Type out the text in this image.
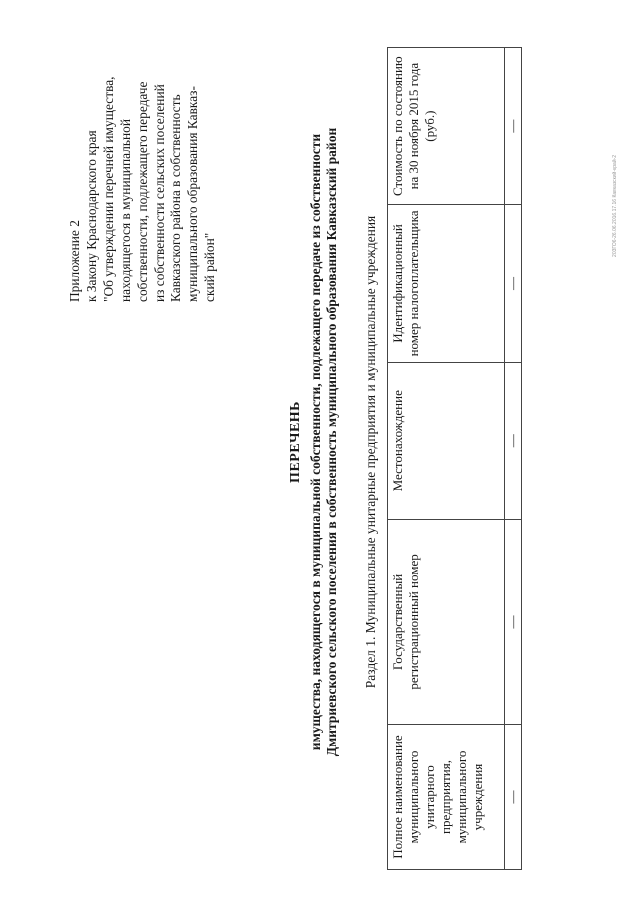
Приложение 2 к Закону Краснодарского края "Об утверждении перечней имущества, находящегося в муниципальной собственности, подлежащего передаче из собственности сельских поселений Кавказского района в собственность муниципального образования Кавказ- ский район"
ПЕРЕЧЕНЬ имущества, находящегося в муниципальной собственности, подлежащего передаче из собственности Дмитриевского сельского поселения в собственность муниципального образования Кавказский район Раздел 1. Муниципальные унитарные предприятия и муниципальные учреждения
Полное наименование муниципального унитарного предприятия, муниципального учреждения	Государственный регистрационный номер	Местонахождение	Идентификационный номер налогоплательщика	Стоимость по состоянию на 30 ноября 2015 года (руб.)
—	—	—	—	—
203ГО6-26.06.2016.17.16 Кавказский-край-2
